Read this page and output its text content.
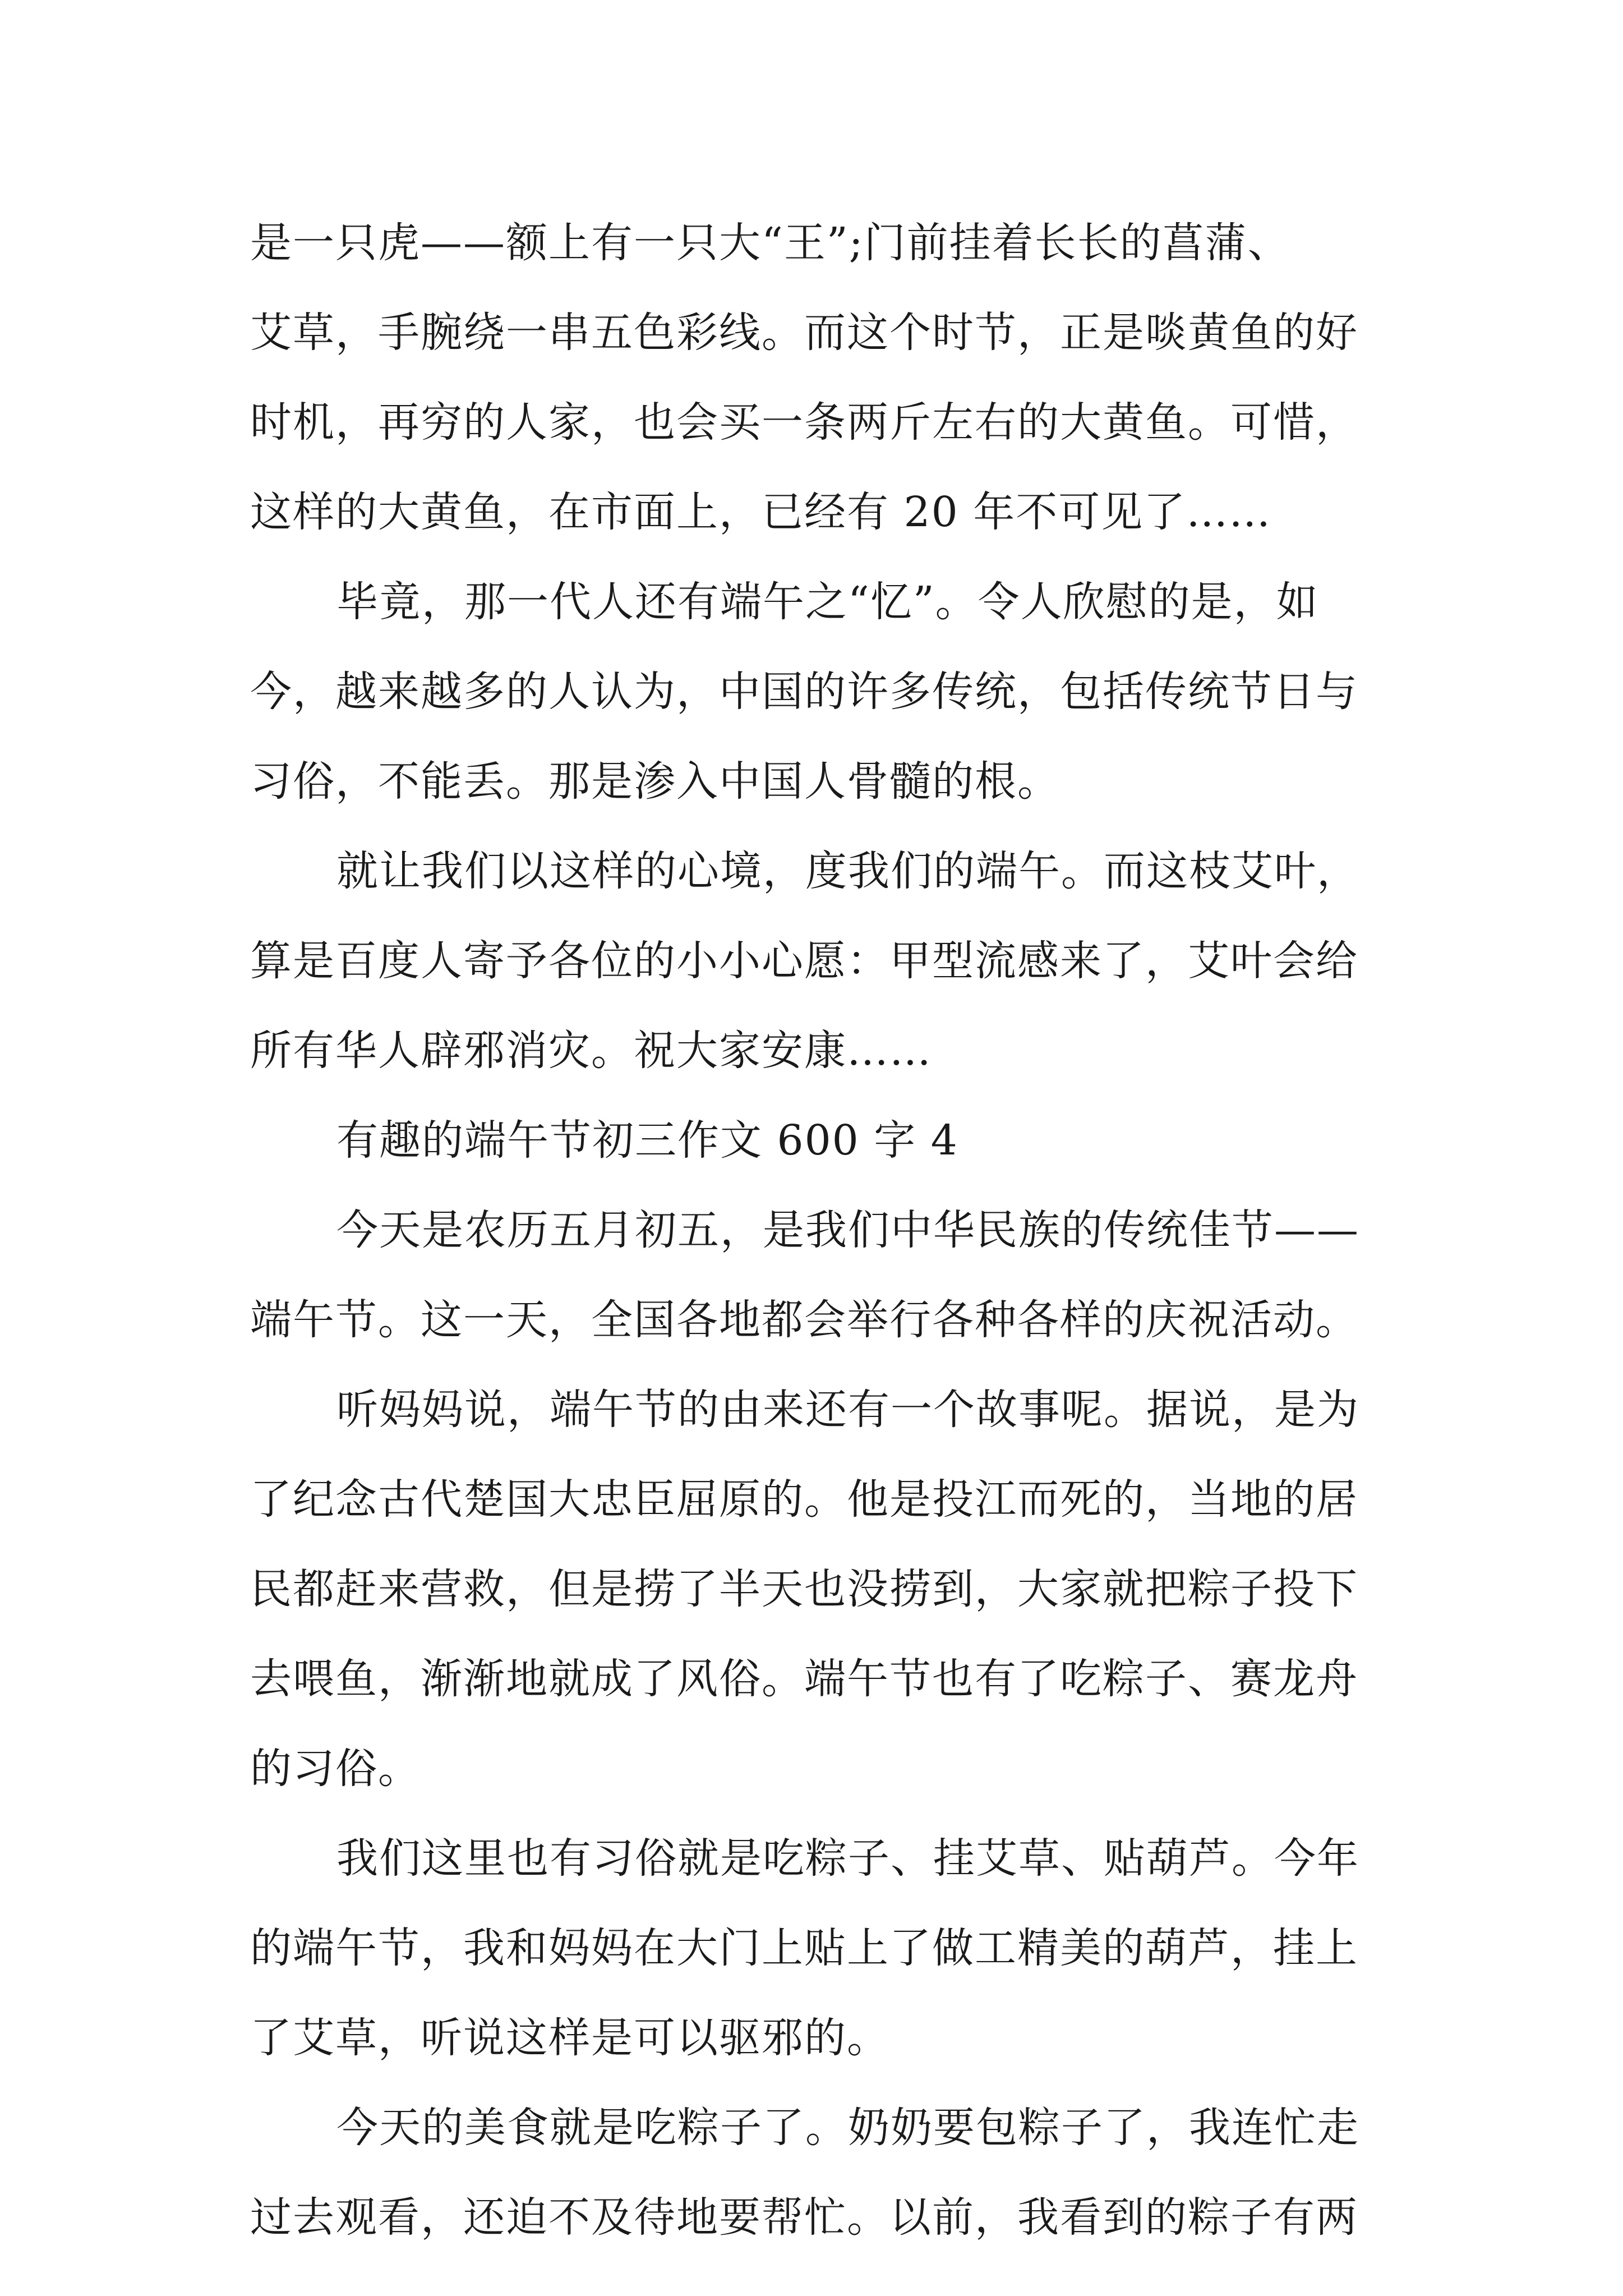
是一只虎——额上有一只大“王”;门前挂着长长的菖蒲、
艾草，手腕绕一串五色彩线。而这个时节，正是啖黄鱼的好
时机，再穷的人家，也会买一条两斤左右的大黄鱼。可惜，
这样的大黄鱼，在市面上，已经有 20 年不可见了……
毕竟，那一代人还有端午之“忆”。令人欣慰的是，如
今，越来越多的人认为，中国的许多传统，包括传统节日与
习俗，不能丢。那是渗入中国人骨髓的根。
就让我们以这样的心境，度我们的端午。而这枝艾叶，
算是百度人寄予各位的小小心愿：甲型流感来了，艾叶会给
所有华人辟邪消灾。祝大家安康……
有趣的端午节初三作文 600 字 4
今天是农历五月初五，是我们中华民族的传统佳节——
端午节。这一天，全国各地都会举行各种各样的庆祝活动。
听妈妈说，端午节的由来还有一个故事呢。据说，是为
了纪念古代楚国大忠臣屈原的。他是投江而死的，当地的居
民都赶来营救，但是捞了半天也没捞到，大家就把粽子投下
去喂鱼，渐渐地就成了风俗。端午节也有了吃粽子、赛龙舟
的习俗。
我们这里也有习俗就是吃粽子、挂艾草、贴葫芦。今年
的端午节，我和妈妈在大门上贴上了做工精美的葫芦，挂上
了艾草，听说这样是可以驱邪的。
今天的美食就是吃粽子了。奶奶要包粽子了，我连忙走
过去观看，还迫不及待地要帮忙。以前，我看到的粽子有两
